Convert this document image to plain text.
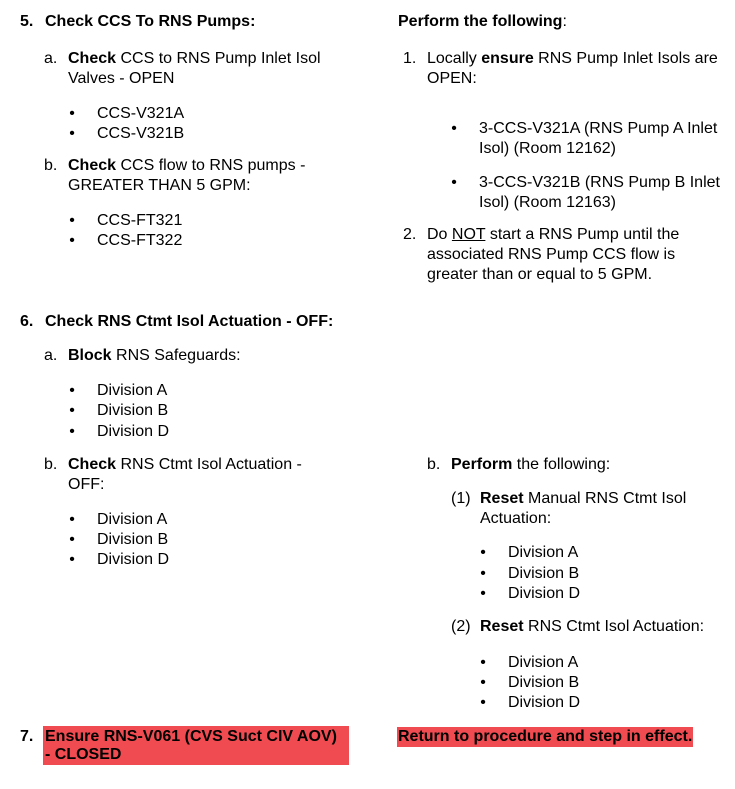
5. Check CCS To RNS Pumps:
a. Check CCS to RNS Pump Inlet Isol
Valves - OPEN
• CCS-V321A
• CCS-V321B
b. Check CCS flow to RNS pumps -
GREATER THAN 5 GPM:
• CCS-FT321
• CCS-FT322
Perform the following:
1. Locally ensure RNS Pump Inlet Isols are
OPEN:
• 3-CCS-V321A (RNS Pump A Inlet
Isol) (Room 12162)
• 3-CCS-V321B (RNS Pump B Inlet
Isol) (Room 12163)
2. Do NOT start a RNS Pump until the
associated RNS Pump CCS flow is
greater than or equal to 5 GPM.
6. Check RNS Ctmt Isol Actuation - OFF:
a. Block RNS Safeguards:
• Division A
• Division B
• Division D
b. Check RNS Ctmt Isol Actuation -
OFF:
• Division A
• Division B
• Division D
b. Perform the following:
(1) Reset Manual RNS Ctmt Isol
Actuation:
• Division A
• Division B
• Division D
(2) Reset RNS Ctmt Isol Actuation:
• Division A
• Division B
• Division D
7. Ensure RNS-V061 (CVS Suct CIV AOV)
- CLOSED
Return to procedure and step in effect.
